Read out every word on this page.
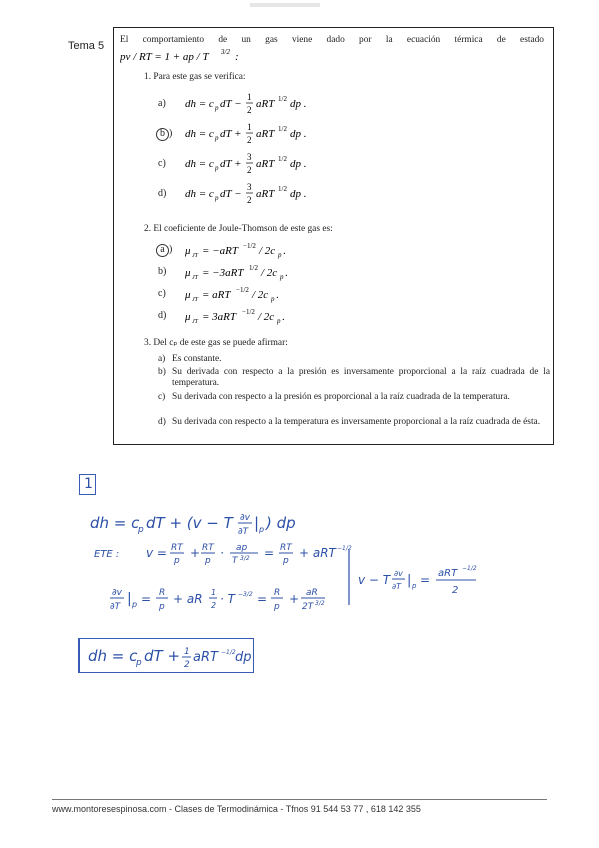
Tema 5 El comportamiento de un gas viene dado por la ecuación térmica de estado
pv / RT = 1 + ap / T 3/2 :
1. Para este gas se verifica:
a) dh = c p dT −
1
2 aRT 1/2 dp .
b ) dh = c p dT +
1
2 aRT 1/2 dp .
c) dh = c p dT +
3
2 aRT 1/2 dp .
d) dh = c p dT −
3
2 aRT 1/2 dp .
2. El coeficiente de Joule-Thomson de este gas es:
a ) μ JT = −aRT −1/2 / 2c p .
b) μ JT = −3aRT 1/2 / 2c p .
c) μ JT = aRT −1/2 / 2c p .
d) μ JT = 3aRT −1/2 / 2c p .
3. Del cₚ de este gas se puede afirmar:
a) Es constante.
b) Su derivada con respecto a la presión es inversamente proporcional a la raíz cuadrada de la temperatura.
c) Su derivada con respecto a la presión es proporcional a la raíz cuadrada de la temperatura.
d) Su derivada con respecto a la temperatura es inversamente proporcional a la raíz cuadrada de ésta.
1
dh = c
p dT + (v − T ∂v
∂T | p ) dp
ETE : v = RT
p
+ RT
p
· ap
T 3/2 = RT
p
+ aRT −1/2
∂v
∂T | p = R
p
+ aR 1
2 · T −3/2 = R
p
+ aR
2T 3/2
v − T ∂v
∂T | p = aRT −1/2
2
dh = c
p dT + 1
2 aRT −1/2 dp
www.montoresespinosa.com - Clases de Termodinámica - Tfnos 91 544 53 77 , 618 142 355
